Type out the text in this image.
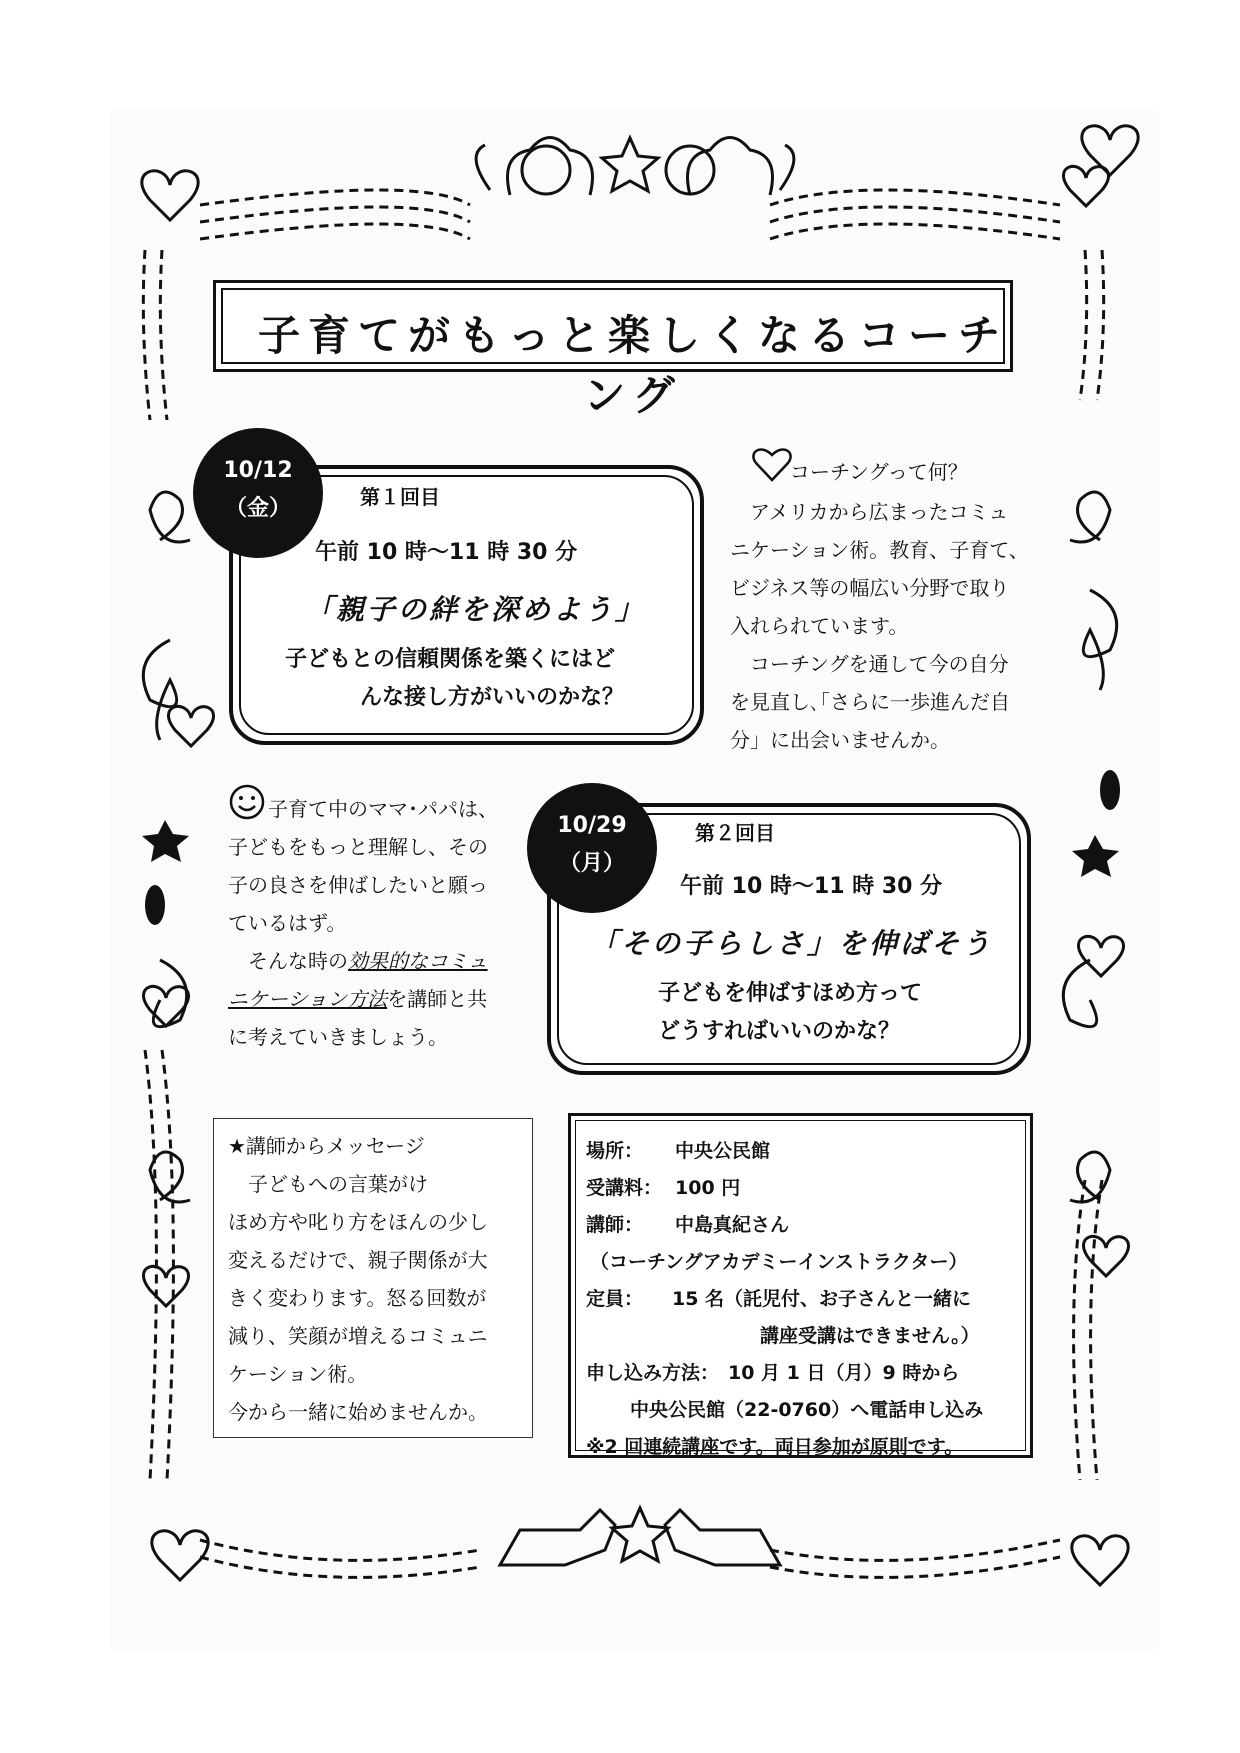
子育てがもっと楽しくなるコーチング
10/12
（金）	第１回目
午前 10 時～11 時 30 分
「親子の絆を深めよう」
子どもとの信頼関係を築くにはど
んな接し方がいいのかな？
コーチングって何？
　アメリカから広まったコミュ
ニケーション術。教育、子育て、
ビジネス等の幅広い分野で取り
入れられています。
　コーチングを通して今の自分
を見直し､｢さらに一歩進んだ自
分」に出会いませんか。
子育て中のママ･パパは、
子どもをもっと理解し、その
子の良さを伸ばしたいと願っ
ているはず。
　そんな時の効果的なコミュ
ニケーション方法を講師と共
に考えていきましょう。
10/29
（月）
第２回目
午前 10 時～11 時 30 分
「その子らしさ」を伸ばそう
子どもを伸ばすほめ方って
どうすればいいのかな？
★講師からメッセージ
　子どもへの言葉がけ
ほめ方や叱り方をほんの少し
変えるだけで、親子関係が大
きく変わります。怒る回数が
減り、笑顔が増えるコミュニ
ケーション術。
今から一緒に始めませんか。
場所： 中央公民館
受講料： 100 円
講師： 中島真紀さん
（コーチングアカデミーインストラクター）
定員： 15 名（託児付、お子さんと一緒に
講座受講はできません。）
申し込み方法： 10 月 1 日（月）9 時から
中央公民館（22-0760）へ電話申し込み
※2 回連続講座です。両日参加が原則です。
